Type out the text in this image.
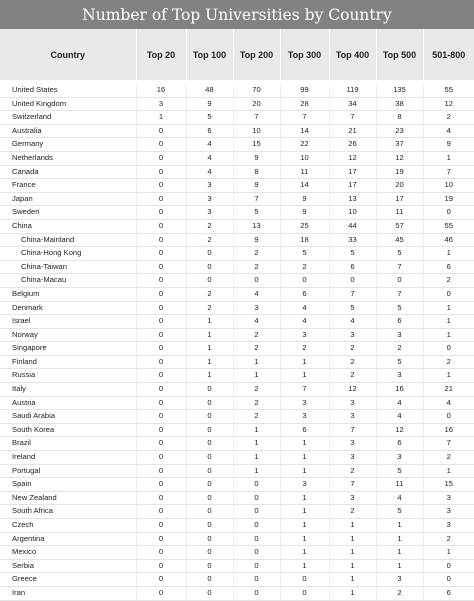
Number of Top Universities by Country
Country	Top 20	Top 100	Top 200	Top 300	Top 400	Top 500	501-800

United States	16	48	70	99	119	135	55
United Kingdom	3	9	20	28	34	38	12
Switzerland	1	5	7	7	7	8	2
Australia	0	6	10	14	21	23	4
Germany	0	4	15	22	26	37	9
Netherlands	0	4	9	10	12	12	1
Canada	0	4	8	11	17	19	7
France	0	3	9	14	17	20	10
Japan	0	3	7	9	13	17	19
Sweden	0	3	5	9	10	11	0
China	0	2	13	25	44	57	55
China-Mainland	0	2	9	18	33	45	46
China-Hong Kong	0	0	2	5	5	5	1
China-Taiwan	0	0	2	2	6	7	6
China-Macau	0	0	0	0	0	0	2
Belgium	0	2	4	6	7	7	0
Denmark	0	2	3	4	5	5	1
Israel	0	1	4	4	4	6	1
Norway	0	1	2	3	3	3	1
Singapore	0	1	2	2	2	2	0
Finland	0	1	1	1	2	5	2
Russia	0	1	1	1	2	3	1
Italy	0	0	2	7	12	16	21
Austria	0	0	2	3	3	4	4
Saudi Arabia	0	0	2	3	3	4	0
South Korea	0	0	1	6	7	12	16
Brazil	0	0	1	1	3	6	7
Ireland	0	0	1	1	3	3	2
Portugal	0	0	1	1	2	5	1
Spain	0	0	0	3	7	11	15
New Zealand	0	0	0	1	3	4	3
South Africa	0	0	0	1	2	5	3
Czech	0	0	0	1	1	1	3
Argentina	0	0	0	1	1	1	2
Mexico	0	0	0	1	1	1	1
Serbia	0	0	0	1	1	1	0
Greece	0	0	0	0	1	3	0
Iran	0	0	0	0	1	2	6
